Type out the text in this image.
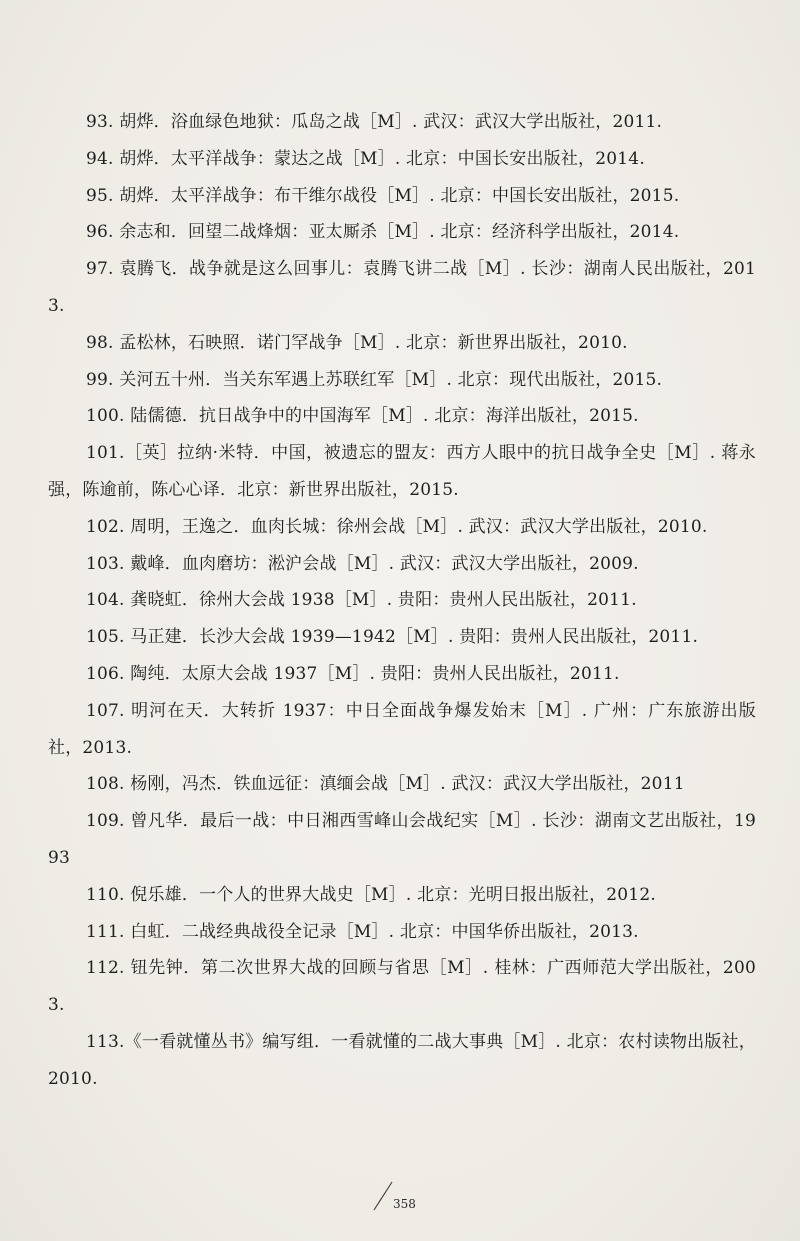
93. 胡烨．浴血绿色地狱：瓜岛之战［M］. 武汉：武汉大学出版社，2011.

94. 胡烨．太平洋战争：蒙达之战［M］. 北京：中国长安出版社，2014.

95. 胡烨．太平洋战争：布干维尔战役［M］. 北京：中国长安出版社，2015.

96. 余志和．回望二战烽烟：亚太厮杀［M］. 北京：经济科学出版社，2014.

97. 袁腾飞．战争就是这么回事儿：袁腾飞讲二战［M］. 长沙：湖南人民出版社，2013.

98. 孟松林，石映照．诺门罕战争［M］. 北京：新世界出版社，2010.

99. 关河五十州．当关东军遇上苏联红军［M］. 北京：现代出版社，2015.

100. 陆儒德．抗日战争中的中国海军［M］. 北京：海洋出版社，2015.

101.［英］拉纳·米特．中国，被遗忘的盟友：西方人眼中的抗日战争全史［M］. 蒋永强，陈逾前，陈心心译．北京：新世界出版社，2015.

102. 周明，王逸之．血肉长城：徐州会战［M］. 武汉：武汉大学出版社，2010.

103. 戴峰．血肉磨坊：淞沪会战［M］. 武汉：武汉大学出版社，2009.

104. 龚晓虹．徐州大会战 1938［M］. 贵阳：贵州人民出版社，2011.

105. 马正建．长沙大会战 1939—1942［M］. 贵阳：贵州人民出版社，2011.

106. 陶纯．太原大会战 1937［M］. 贵阳：贵州人民出版社，2011.

107. 明河在天．大转折 1937：中日全面战争爆发始末［M］. 广州：广东旅游出版社，2013.

108. 杨刚，冯杰．铁血远征：滇缅会战［M］. 武汉：武汉大学出版社，2011

109. 曾凡华．最后一战：中日湘西雪峰山会战纪实［M］. 长沙：湖南文艺出版社，1993

110. 倪乐雄．一个人的世界大战史［M］. 北京：光明日报出版社，2012.

111. 白虹．二战经典战役全记录［M］. 北京：中国华侨出版社，2013.

112. 钮先钟．第二次世界大战的回顾与省思［M］. 桂林：广西师范大学出版社，2003.

113.《一看就懂丛书》编写组．一看就懂的二战大事典［M］. 北京：农村读物出版社，2010.

358
